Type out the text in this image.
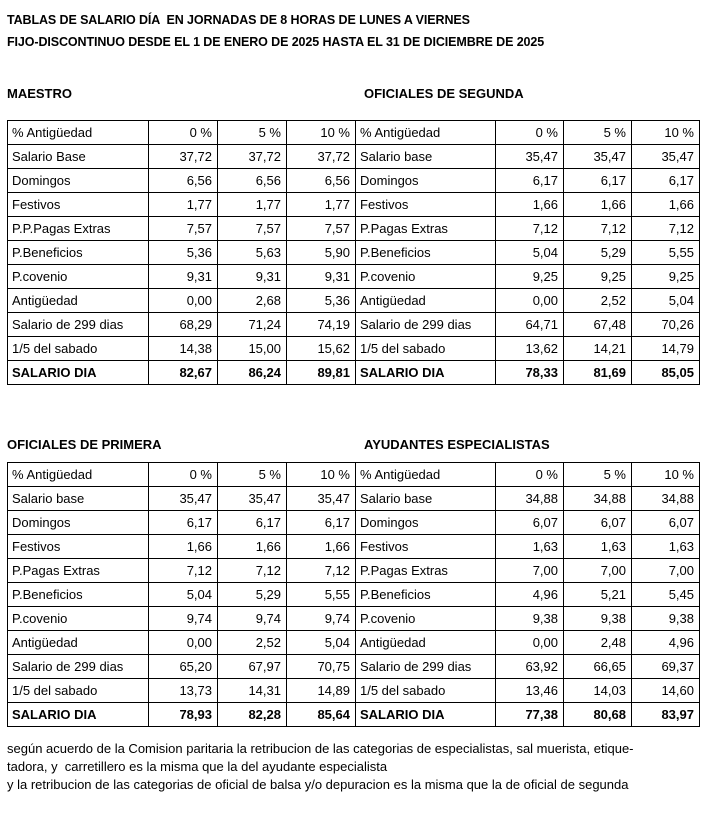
TABLAS DE SALARIO DÍA  EN JORNADAS DE 8 HORAS DE LUNES A VIERNES
FIJO-DISCONTINUO DESDE EL 1 DE ENERO DE 2025 HASTA EL 31 DE DICIEMBRE DE 2025
MAESTRO	OFICIALES DE SEGUNDA
% Antigüedad	0 %	5 %	10 %
Salario Base	37,72	37,72	37,72
Domingos	6,56	6,56	6,56
Festivos	1,77	1,77	1,77
P.P.Pagas Extras	7,57	7,57	7,57
P.Beneficios	5,36	5,63	5,90
P.covenio	9,31	9,31	9,31
Antigüedad	0,00	2,68	5,36
Salario de 299 dias	68,29	71,24	74,19
1/5 del sabado	14,38	15,00	15,62
SALARIO DIA	82,67	86,24	89,81
% Antigüedad	0 %	5 %	10 %
Salario base	35,47	35,47	35,47
Domingos	6,17	6,17	6,17
Festivos	1,66	1,66	1,66
P.Pagas Extras	7,12	7,12	7,12
P.Beneficios	5,04	5,29	5,55
P.covenio	9,25	9,25	9,25
Antigüedad	0,00	2,52	5,04
Salario de 299 dias	64,71	67,48	70,26
1/5 del sabado	13,62	14,21	14,79
SALARIO DIA	78,33	81,69	85,05
OFICIALES DE PRIMERA	AYUDANTES ESPECIALISTAS
% Antigüedad	0 %	5 %	10 %
Salario base	35,47	35,47	35,47
Domingos	6,17	6,17	6,17
Festivos	1,66	1,66	1,66
P.Pagas Extras	7,12	7,12	7,12
P.Beneficios	5,04	5,29	5,55
P.covenio	9,74	9,74	9,74
Antigüedad	0,00	2,52	5,04
Salario de 299 dias	65,20	67,97	70,75
1/5 del sabado	13,73	14,31	14,89
SALARIO DIA	78,93	82,28	85,64
% Antigüedad	0 %	5 %	10 %
Salario base	34,88	34,88	34,88
Domingos	6,07	6,07	6,07
Festivos	1,63	1,63	1,63
P.Pagas Extras	7,00	7,00	7,00
P.Beneficios	4,96	5,21	5,45
P.covenio	9,38	9,38	9,38
Antigüedad	0,00	2,48	4,96
Salario de 299 dias	63,92	66,65	69,37
1/5 del sabado	13,46	14,03	14,60
SALARIO DIA	77,38	80,68	83,97
según acuerdo de la Comision paritaria la retribucion de las categorias de especialistas, sal muerista, etique-
tadora, y  carretillero es la misma que la del ayudante especialista
y la retribucion de las categorias de oficial de balsa y/o depuracion es la misma que la de oficial de segunda
